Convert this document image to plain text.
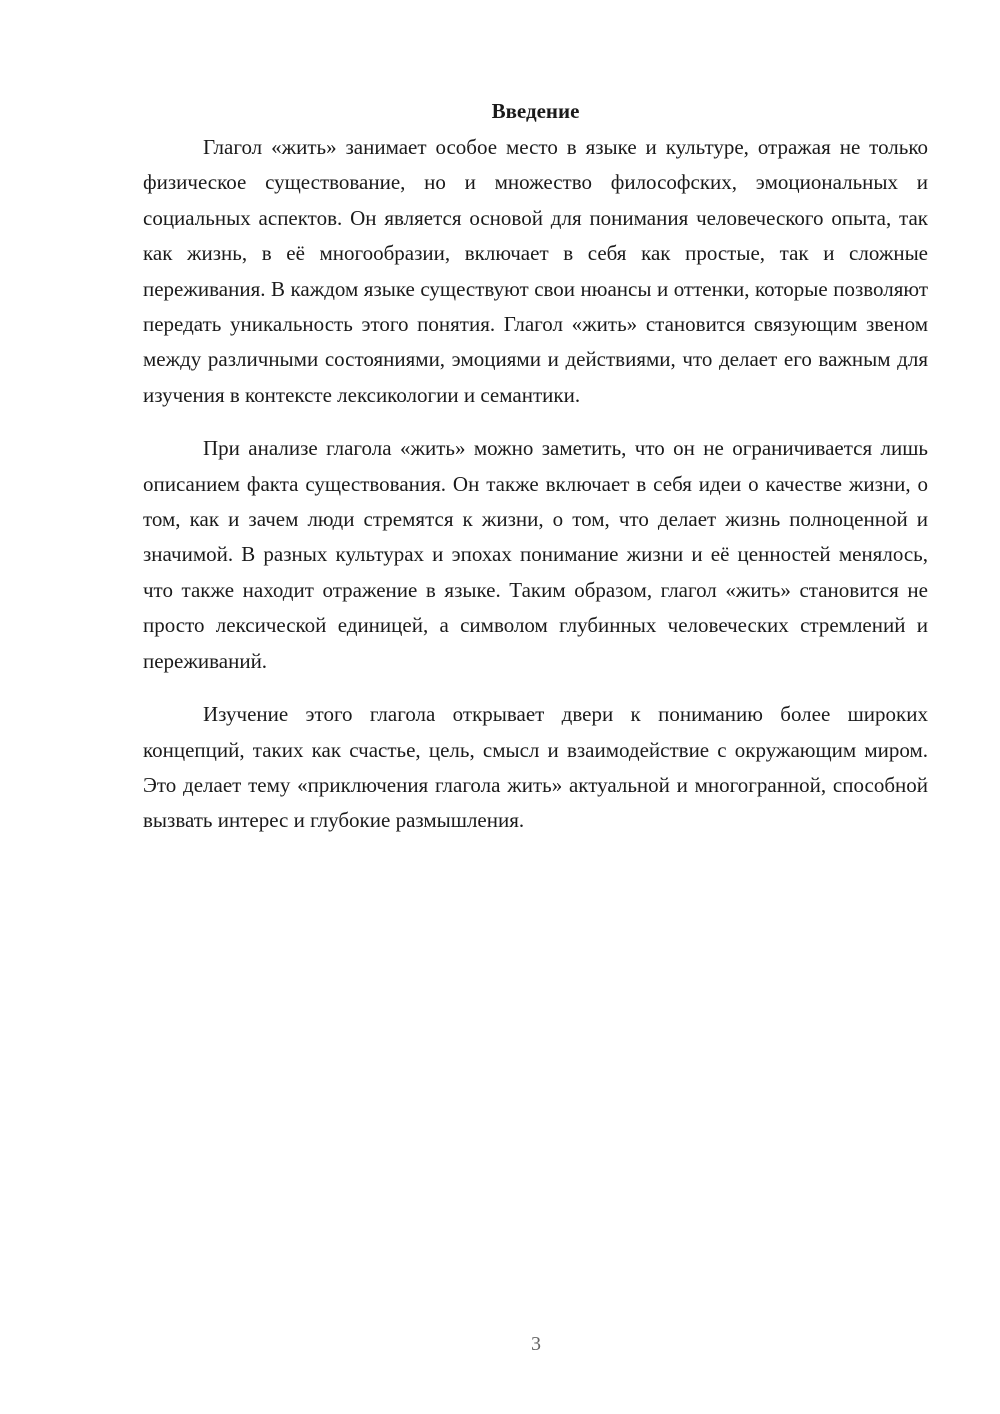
Введение

Глагол «жить» занимает особое место в языке и культуре, отражая не только физическое существование, но и множество философских, эмоциональных и социальных аспектов. Он является основой для понимания человеческого опыта, так как жизнь, в её многообразии, включает в себя как простые, так и сложные переживания. В каждом языке существуют свои нюансы и оттенки, которые позволяют передать уникальность этого понятия. Глагол «жить» становится связующим звеном между различными состояниями, эмоциями и действиями, что делает его важным для изучения в контексте лексикологии и семантики.

При анализе глагола «жить» можно заметить, что он не ограничивается лишь описанием факта существования. Он также включает в себя идеи о качестве жизни, о том, как и зачем люди стремятся к жизни, о том, что делает жизнь полноценной и значимой. В разных культурах и эпохах понимание жизни и её ценностей менялось, что также находит отражение в языке. Таким образом, глагол «жить» становится не просто лексической единицей, а символом глубинных человеческих стремлений и переживаний.

Изучение этого глагола открывает двери к пониманию более широких концепций, таких как счастье, цель, смысл и взаимодействие с окружающим миром. Это делает тему «приключения глагола жить» актуальной и многогранной, способной вызвать интерес и глубокие размышления.

3
